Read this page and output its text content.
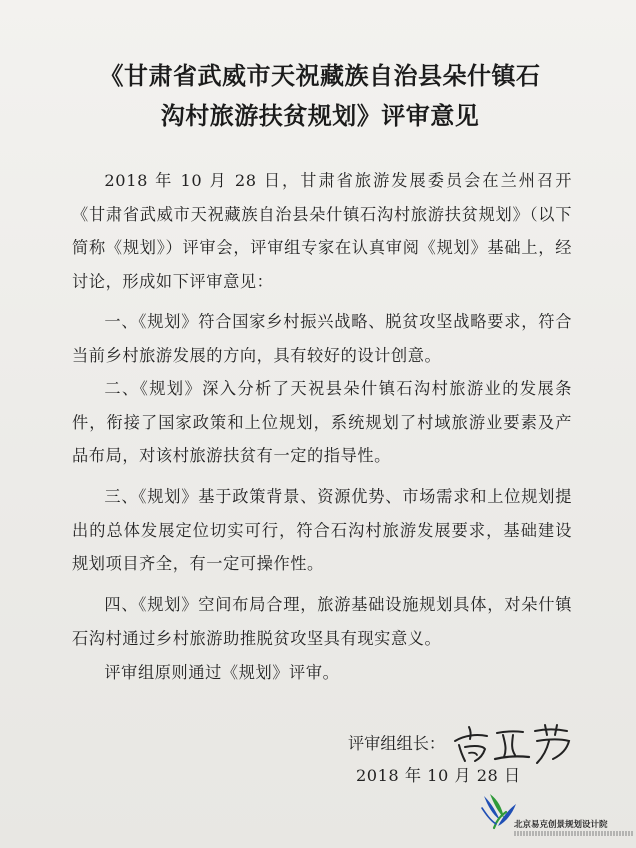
《甘肃省武威市天祝藏族自治县朵什镇石
沟村旅游扶贫规划》评审意见
2018 年 10 月 28 日，甘肃省旅游发展委员会在兰州召开《甘肃省武威市天祝藏族自治县朵什镇石沟村旅游扶贫规划》（以下简称《规划》）评审会，评审组专家在认真审阅《规划》基础上，经讨论，形成如下评审意见：
一、《规划》符合国家乡村振兴战略、脱贫攻坚战略要求，符合当前乡村旅游发展的方向，具有较好的设计创意。
二、《规划》深入分析了天祝县朵什镇石沟村旅游业的发展条件，衔接了国家政策和上位规划，系统规划了村域旅游业要素及产品布局，对该村旅游扶贫有一定的指导性。
三、《规划》基于政策背景、资源优势、市场需求和上位规划提出的总体发展定位切实可行，符合石沟村旅游发展要求，基础建设规划项目齐全，有一定可操作性。
四、《规划》空间布局合理，旅游基础设施规划具体，对朵什镇石沟村通过乡村旅游助推脱贫攻坚具有现实意义。
评审组原则通过《规划》评审。
评审组组长：
2018 年 10 月 28 日
北京易克创景规划设计院
